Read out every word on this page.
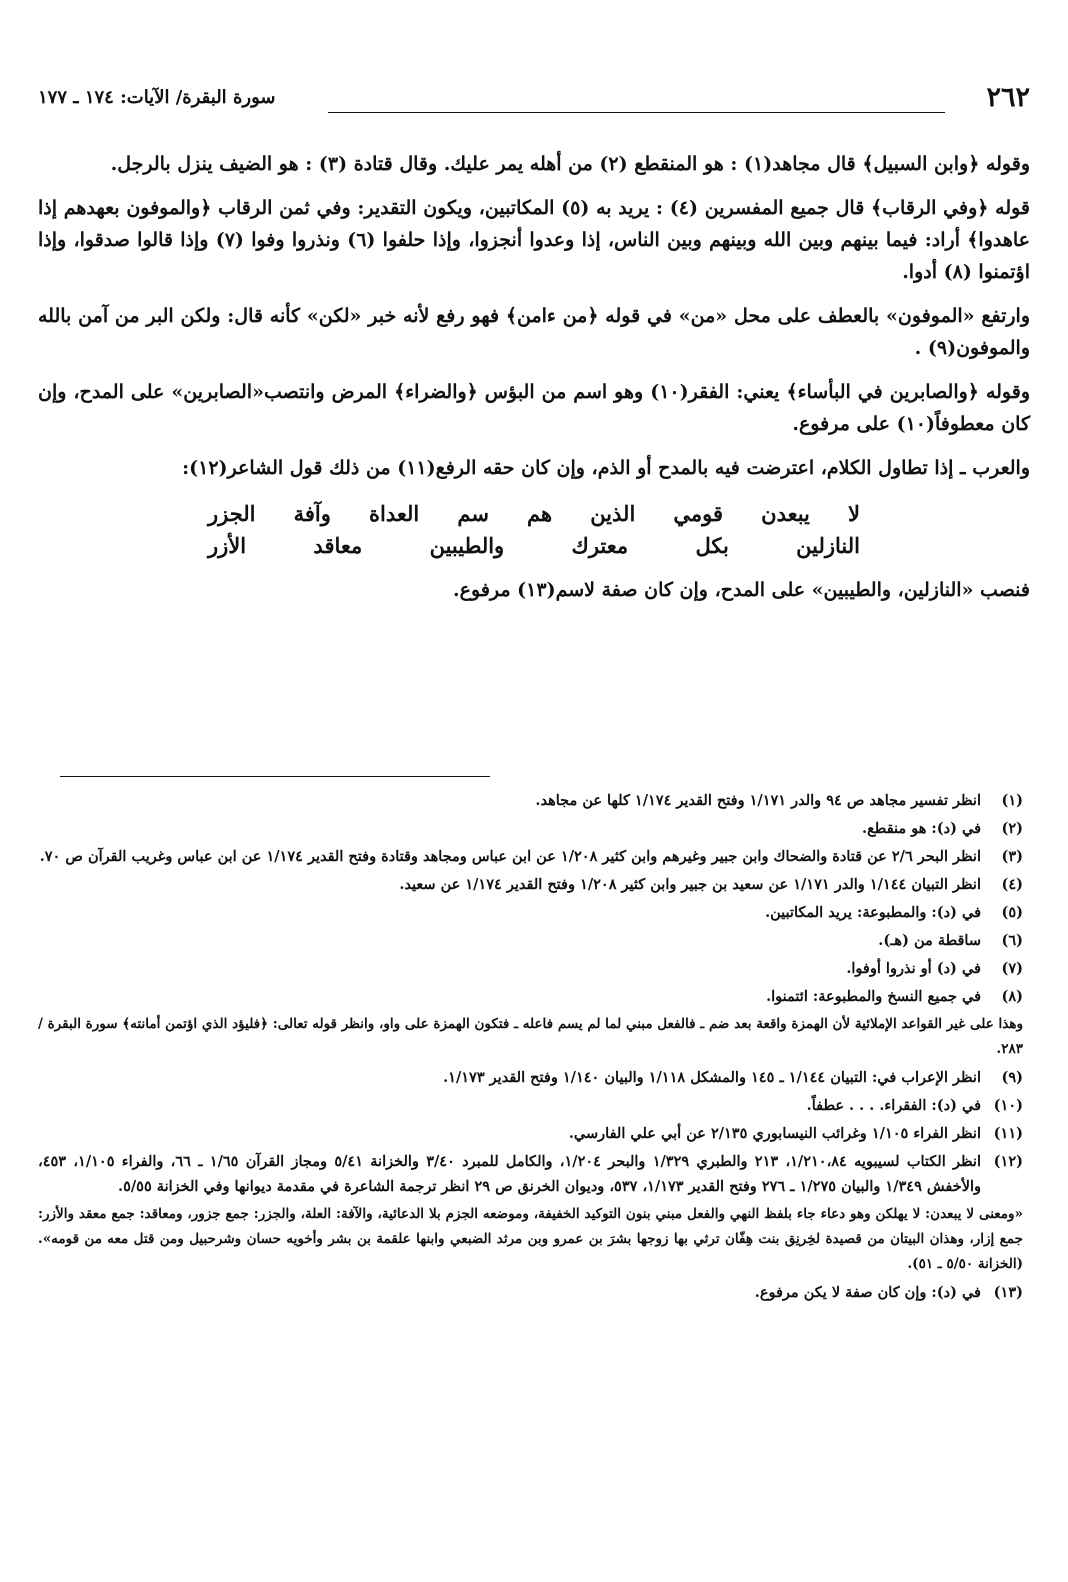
٢٦٢
سورة البقرة/ الآيات: ١٧٤ ـ ١٧٧

وقوله ﴿وابن السبيل﴾ قال مجاهد(١) : هو المنقطع (٢) من أهله يمر عليك. وقال قتادة (٣) : هو الضيف ينزل بالرجل.

قوله ﴿وفي الرقاب﴾ قال جميع المفسرين (٤) : يريد به (٥) المكاتبين، ويكون التقدير: وفي ثمن الرقاب ﴿والموفون بعهدهم إذا عاهدوا﴾ أراد: فيما بينهم وبين الله وبينهم وبين الناس، إذا وعدوا أنجزوا، وإذا حلفوا (٦) ونذروا وفوا (٧) وإذا قالوا صدقوا، وإذا اؤتمنوا (٨) أدوا.

وارتفع «الموفون» بالعطف على محل «من» في قوله ﴿من ءامن﴾ فهو رفع لأنه خبر «لكن» كأنه قال: ولكن البر من آمن بالله والموفون(٩) .

وقوله ﴿والصابرين في البأساء﴾ يعني: الفقر(١٠) وهو اسم من البؤس ﴿والضراء﴾ المرض وانتصب«الصابرين» على المدح، وإن كان معطوفاً(١٠) على مرفوع.

والعرب ـ إذا تطاول الكلام، اعترضت فيه بالمدح أو الذم، وإن كان حقه الرفع(١١) من ذلك قول الشاعر(١٢):

لا يبعدن قومي الذين هم سم العداة وآفة الجزر
النازلين بكل معترك والطيبين معاقد الأزر

فنصب «النازلين، والطيبين» على المدح، وإن كان صفة لاسم(١٣) مرفوع.

(١)
انظر تفسير مجاهد ص ٩٤ والدر ١/١٧١ وفتح القدير ١/١٧٤ كلها عن مجاهد.
(٢)
في (د): هو منقطع.
(٣)
انظر البحر ٢/٦ عن قتادة والضحاك وابن جبير وغيرهم وابن كثير ١/٢٠٨ عن ابن عباس ومجاهد وقتادة وفتح القدير ١/١٧٤ عن ابن عباس وغريب القرآن ص ٧٠.
(٤)
انظر التبيان ١/١٤٤ والدر ١/١٧١ عن سعيد بن جبير وابن كثير ١/٢٠٨ وفتح القدير ١/١٧٤ عن سعيد.
(٥)
في (د): والمطبوعة: يريد المكاتبين.
(٦)
ساقطة من (هـ).
(٧)
في (د) أو نذروا أوفوا.
(٨)
في جميع النسخ والمطبوعة: ائتمنوا.
وهذا على غير القواعد الإملائية لأن الهمزة واقعة بعد ضم ـ فالفعل مبني لما لم يسم فاعله ـ فتكون الهمزة على واو، وانظر قوله تعالى: ﴿فليؤد الذي اؤتمن أمانته﴾ سورة البقرة /٢٨٣.
(٩)
انظر الإعراب في: التبيان ١/١٤٤ ـ ١٤٥ والمشكل ١/١١٨ والبيان ١/١٤٠ وفتح القدير ١/١٧٣.
(١٠)
في (د): الفقراء. . . . عطفاً.
(١١)
انظر الفراء ١/١٠٥ وغرائب النيسابوري ٢/١٣٥ عن أبي علي الفارسي.
(١٢)
انظر الكتاب لسيبويه ١/٢١٠،٨٤، ٢١٣ والطبري ١/٣٢٩ والبحر ١/٢٠٤، والكامل للمبرد ٣/٤٠ والخزانة ٥/٤١ ومجاز القرآن ١/٦٥ ـ ٦٦، والفراء ١/١٠٥، ٤٥٣، والأخفش ١/٣٤٩ والبيان ١/٢٧٥ ـ ٢٧٦ وفتح القدير ١/١٧٣، ٥٣٧، وديوان الخرنق ص ٢٩ انظر ترجمة الشاعرة في مقدمة ديوانها وفي الخزانة ٥/٥٥.
«ومعنى لا يبعدن: لا يهلكن وهو دعاء جاء بلفظ النهي والفعل مبني بنون التوكيد الخفيفة، وموضعه الجزم بلا الدعائية، والآفة: العلة، والجزر: جمع جزور، ومعاقد: جمع معقد والأزر: جمع إزار، وهذان البيتان من قصيدة لخِرنِق بنت هِفّان ترثي بها زوجها بشرَ بن عمرو وبن مرثد الضبعي وابنها علقمة بن بشر وأخويه حسان وشرحبيل ومن قتل معه من قومه». (الخزانة ٥/٥٠ ـ ٥١).
(١٣)
في (د): وإن كان صفة لا يكن مرفوع.
